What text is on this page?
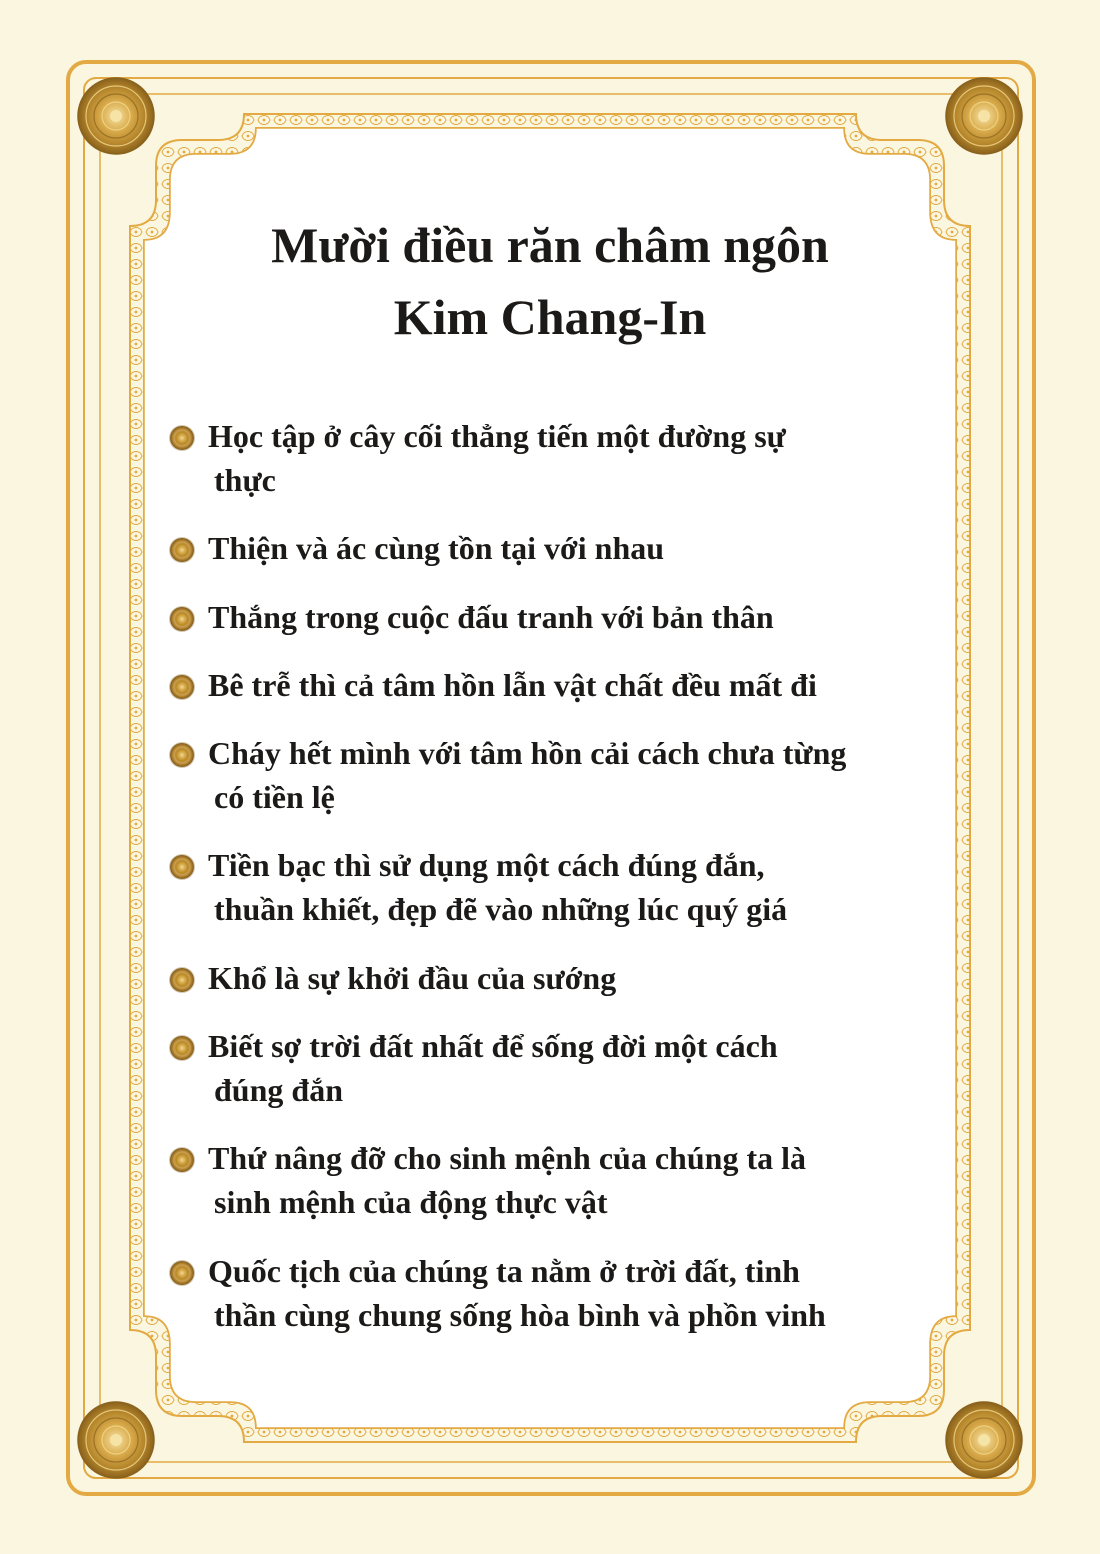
Mười điều răn châm ngôn
Kim Chang-In
Học tập ở cây cối thẳng tiến một đường sự
thực
Thiện và ác cùng tồn tại với nhau
Thắng trong cuộc đấu tranh với bản thân
Bê trễ thì cả tâm hồn lẫn vật chất đều mất đi
Cháy hết mình với tâm hồn cải cách chưa từng
có tiền lệ
Tiền bạc thì sử dụng một cách đúng đắn,
thuần khiết, đẹp đẽ vào những lúc quý giá
Khổ là sự khởi đầu của sướng
Biết sợ trời đất nhất để sống đời một cách
đúng đắn
Thứ nâng đỡ cho sinh mệnh của chúng ta là
sinh mệnh của động thực vật
Quốc tịch của chúng ta nằm ở trời đất, tinh
thần cùng chung sống hòa bình và phồn vinh
